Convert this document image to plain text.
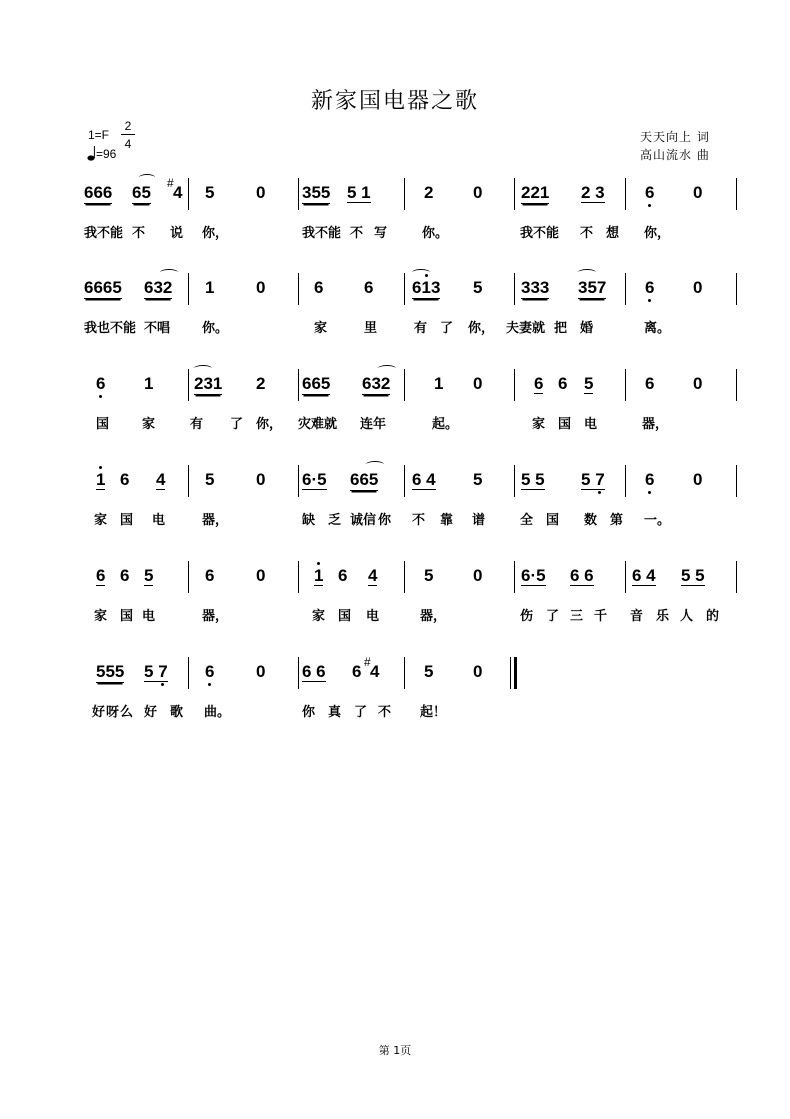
新家国电器之歌
1=F
2
4
=96
天天向上 词
高山流水 曲
666 65 # 4 5 0 355 5 1	2 0 221 2 3 6 0
我不能 不 说 你，	我不能 不 写	你。	我不能 不 想 你，
6665 632 1 0	6 6 61
3 5 333 357 6 0
我也不能 不唱 你。	家	里	有 了 你， 夫妻就 把 婚	离。
6 1 231 2 665 632	1 0	6 6 5	6 0
国	家	有 了 你， 灾难就 连年	起。	家 国 电	器，
1 6 4 5 0 6·5 665 6 4 5 5 5 5 7 6 0
家 国 电	器，	缺 乏 诚信 你 不 靠 谱	全 国 数 第 一。
6 6 5	6 0	1 6 4	5 0 6·5 6 6 6 4 5 5
家 国 电	器，	家 国 电	器，	伤 了 三 千 音 乐 人 的
555 5 7 6 0 6 6 6 # 4	5 0
好 呀 么 好 歌 曲。	你 真 了 不 起！
第 1页
